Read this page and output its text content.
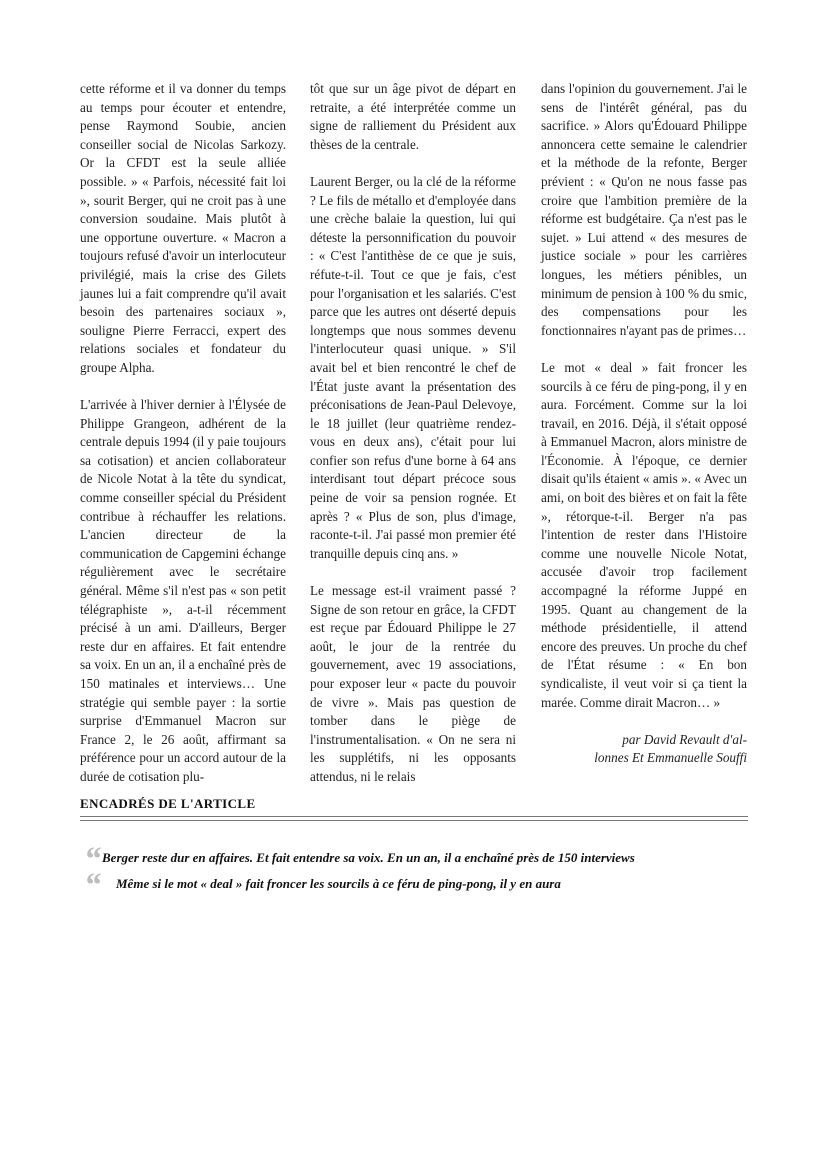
cette réforme et il va donner du temps au temps pour écouter et entendre, pense Raymond Soubie, ancien conseiller social de Nicolas Sarkozy. Or la CFDT est la seule alliée possible. » « Parfois, nécessité fait loi », sourit Berger, qui ne croit pas à une conversion soudaine. Mais plutôt à une opportune ouverture. « Macron a toujours refusé d'avoir un interlocuteur privilégié, mais la crise des Gilets jaunes lui a fait comprendre qu'il avait besoin des partenaires sociaux », souligne Pierre Ferracci, expert des relations sociales et fondateur du groupe Alpha.

L'arrivée à l'hiver dernier à l'Élysée de Philippe Grangeon, adhérent de la centrale depuis 1994 (il y paie toujours sa cotisation) et ancien collaborateur de Nicole Notat à la tête du syndicat, comme conseiller spécial du Président contribue à réchauffer les relations. L'ancien directeur de la communication de Capgemini échange régulièrement avec le secrétaire général. Même s'il n'est pas « son petit télégraphiste », a-t-il récemment précisé à un ami. D'ailleurs, Berger reste dur en affaires. Et fait entendre sa voix. En un an, il a enchaîné près de 150 matinales et interviews… Une stratégie qui semble payer : la sortie surprise d'Emmanuel Macron sur France 2, le 26 août, affirmant sa préférence pour un accord autour de la durée de cotisation plu-

tôt que sur un âge pivot de départ en retraite, a été interprétée comme un signe de ralliement du Président aux thèses de la centrale.

Laurent Berger, ou la clé de la réforme ? Le fils de métallo et d'employée dans une crèche balaie la question, lui qui déteste la personnification du pouvoir : « C'est l'antithèse de ce que je suis, réfute-t-il. Tout ce que je fais, c'est pour l'organisation et les salariés. C'est parce que les autres ont déserté depuis longtemps que nous sommes devenu l'interlocuteur quasi unique. » S'il avait bel et bien rencontré le chef de l'État juste avant la présentation des préconisations de Jean-Paul Delevoye, le 18 juillet (leur quatrième rendez-vous en deux ans), c'était pour lui confier son refus d'une borne à 64 ans interdisant tout départ précoce sous peine de voir sa pension rognée. Et après ? « Plus de son, plus d'image, raconte-t-il. J'ai passé mon premier été tranquille depuis cinq ans. »

Le message est-il vraiment passé ? Signe de son retour en grâce, la CFDT est reçue par Édouard Philippe le 27 août, le jour de la rentrée du gouvernement, avec 19 associations, pour exposer leur « pacte du pouvoir de vivre ». Mais pas question de tomber dans le piège de l'instrumentalisation. « On ne sera ni les supplétifs, ni les opposants attendus, ni le relais

dans l'opinion du gouvernement. J'ai le sens de l'intérêt général, pas du sacrifice. » Alors qu'Édouard Philippe annoncera cette semaine le calendrier et la méthode de la refonte, Berger prévient : « Qu'on ne nous fasse pas croire que l'ambition première de la réforme est budgétaire. Ça n'est pas le sujet. » Lui attend « des mesures de justice sociale » pour les carrières longues, les métiers pénibles, un minimum de pension à 100 % du smic, des compensations pour les fonctionnaires n'ayant pas de primes…

Le mot « deal » fait froncer les sourcils à ce féru de ping-pong, il y en aura. Forcément. Comme sur la loi travail, en 2016. Déjà, il s'était opposé à Emmanuel Macron, alors ministre de l'Économie. À l'époque, ce dernier disait qu'ils étaient « amis ». « Avec un ami, on boit des bières et on fait la fête », rétorque-t-il. Berger n'a pas l'intention de rester dans l'Histoire comme une nouvelle Nicole Notat, accusée d'avoir trop facilement accompagné la réforme Juppé en 1995. Quant au changement de la méthode présidentielle, il attend encore des preuves. Un proche du chef de l'État résume : « En bon syndicaliste, il veut voir si ça tient la marée. Comme dirait Macron… »

par David Revault d'al-
lonnes Et Emmanuelle Souffi
ENCADRÉS DE L'ARTICLE
“ Berger reste dur en affaires. Et fait entendre sa voix. En un an, il a enchaîné près de 150 interviews
“ Même si le mot « deal » fait froncer les sourcils à ce féru de ping-pong, il y en aura
